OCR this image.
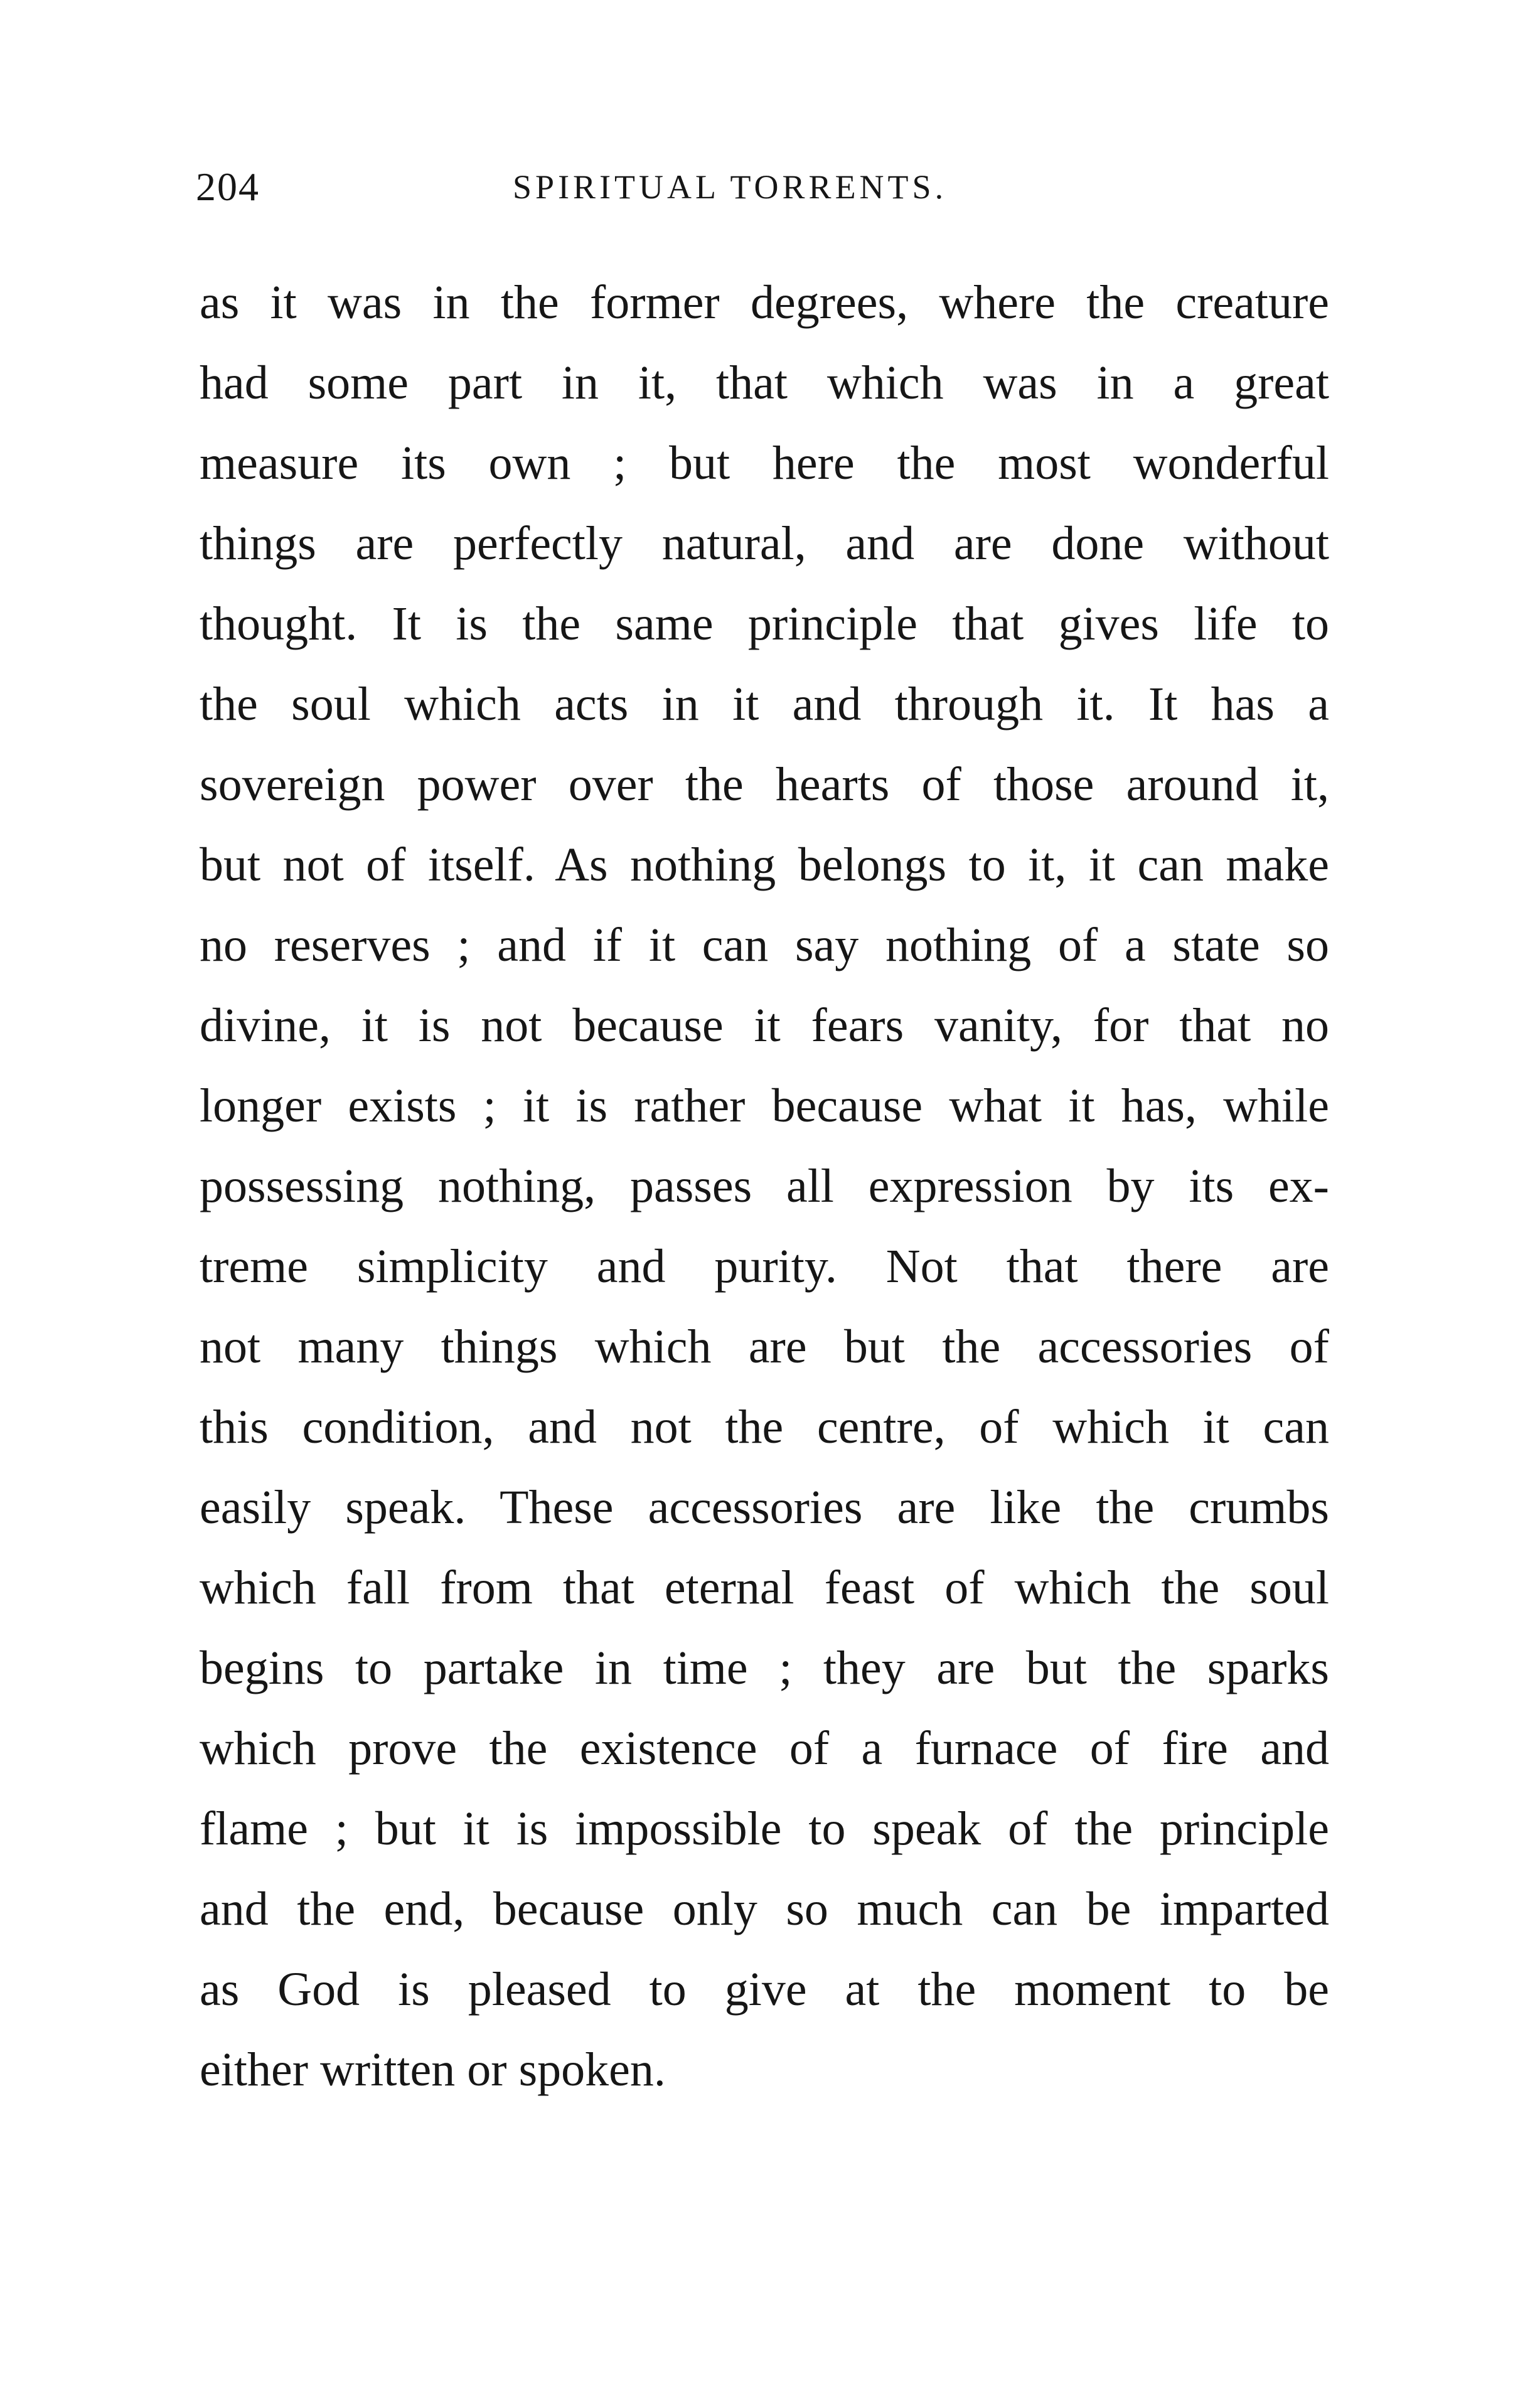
204	SPIRITUAL TORRENTS.
as it was in the former degrees, where the creature
had some part in it, that which was in a great
measure its own ; but here the most wonderful
things are perfectly natural, and are done without
thought. It is the same principle that gives life to
the soul which acts in it and through it. It has a
sovereign power over the hearts of those around it,
but not of itself. As nothing belongs to it, it can make
no reserves ; and if it can say nothing of a state so
divine, it is not because it fears vanity, for that no
longer exists ; it is rather because what it has, while
possessing nothing, passes all expression by its ex-
treme simplicity and purity. Not that there are
not many things which are but the accessories of
this condition, and not the centre, of which it can
easily speak. These accessories are like the crumbs
which fall from that eternal feast of which the soul
begins to partake in time ; they are but the sparks
which prove the existence of a furnace of fire and
flame ; but it is impossible to speak of the principle
and the end, because only so much can be imparted
as God is pleased to give at the moment to be
either written or spoken.
